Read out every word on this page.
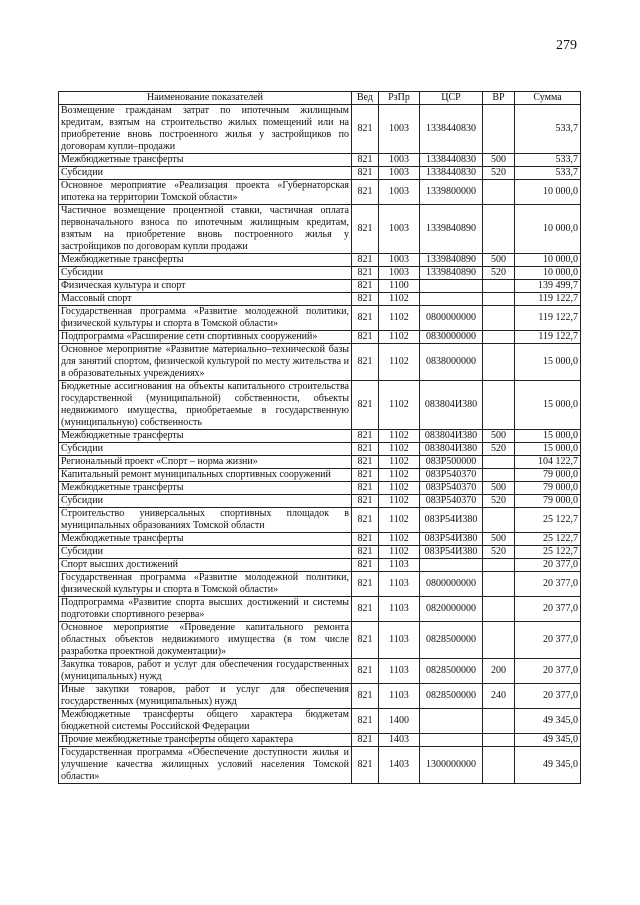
279
Наименование показателей	Вед	РзПр	ЦСР	ВР	Сумма
Возмещение гражданам затрат по ипотечным жилищным кредитам, взятым на строительство жилых помещений или на приобретение вновь построенного жилья у застройщиков по договорам купли–продажи	821	1003	1338440830		533,7
Межбюджетные трансферты	821	1003	1338440830	500	533,7
Субсидии	821	1003	1338440830	520	533,7
Основное мероприятие «Реализация проекта «Губернаторская ипотека на территории Томской области»	821	1003	1339800000		10 000,0
Частичное возмещение процентной ставки, частичная оплата первоначального взноса по ипотечным жилищным кредитам, взятым на приобретение вновь построенного жилья у застройщиков по договорам купли продажи	821	1003	1339840890		10 000,0
Межбюджетные трансферты	821	1003	1339840890	500	10 000,0
Субсидии	821	1003	1339840890	520	10 000,0
Физическая культура и спорт	821	1100			139 499,7
Массовый спорт	821	1102			119 122,7
Государственная программа «Развитие молодежной политики, физической культуры и спорта в Томской области»	821	1102	0800000000		119 122,7
Подпрограмма «Расширение сети спортивных сооружений»	821	1102	0830000000		119 122,7
Основное мероприятие «Развитие материально–технической базы для занятий спортом, физической культурой по месту жительства и в образовательных учреждениях»	821	1102	0838000000		15 000,0
Бюджетные ассигнования на объекты капитального строительства государственной (муниципальной) собственности, объекты недвижимого имущества, приобретаемые в государственную (муниципальную) собственность	821	1102	083804И380		15 000,0
Межбюджетные трансферты	821	1102	083804И380	500	15 000,0
Субсидии	821	1102	083804И380	520	15 000,0
Региональный проект «Спорт – норма жизни»	821	1102	083P500000		104 122,7
Капитальный ремонт муниципальных спортивных сооружений	821	1102	083P540370		79 000,0
Межбюджетные трансферты	821	1102	083P540370	500	79 000,0
Субсидии	821	1102	083P540370	520	79 000,0
Строительство универсальных спортивных площадок в муниципальных образованиях Томской области	821	1102	083P54И380		25 122,7
Межбюджетные трансферты	821	1102	083P54И380	500	25 122,7
Субсидии	821	1102	083P54И380	520	25 122,7
Спорт высших достижений	821	1103			20 377,0
Государственная программа «Развитие молодежной политики, физической культуры и спорта в Томской области»	821	1103	0800000000		20 377,0
Подпрограмма «Развитие спорта высших достижений и системы подготовки спортивного резерва»	821	1103	0820000000		20 377,0
Основное мероприятие «Проведение капитального ремонта областных объектов недвижимого имущества (в том числе разработка проектной документации)»	821	1103	0828500000		20 377,0
Закупка товаров, работ и услуг для обеспечения государственных (муниципальных) нужд	821	1103	0828500000	200	20 377,0
Иные закупки товаров, работ и услуг для обеспечения государственных (муниципальных) нужд	821	1103	0828500000	240	20 377,0
Межбюджетные трансферты общего характера бюджетам бюджетной системы Российской Федерации	821	1400			49 345,0
Прочие межбюджетные трансферты общего характера	821	1403			49 345,0
Государственная программа «Обеспечение доступности жилья и улучшение качества жилищных условий населения Томской области»	821	1403	1300000000		49 345,0
